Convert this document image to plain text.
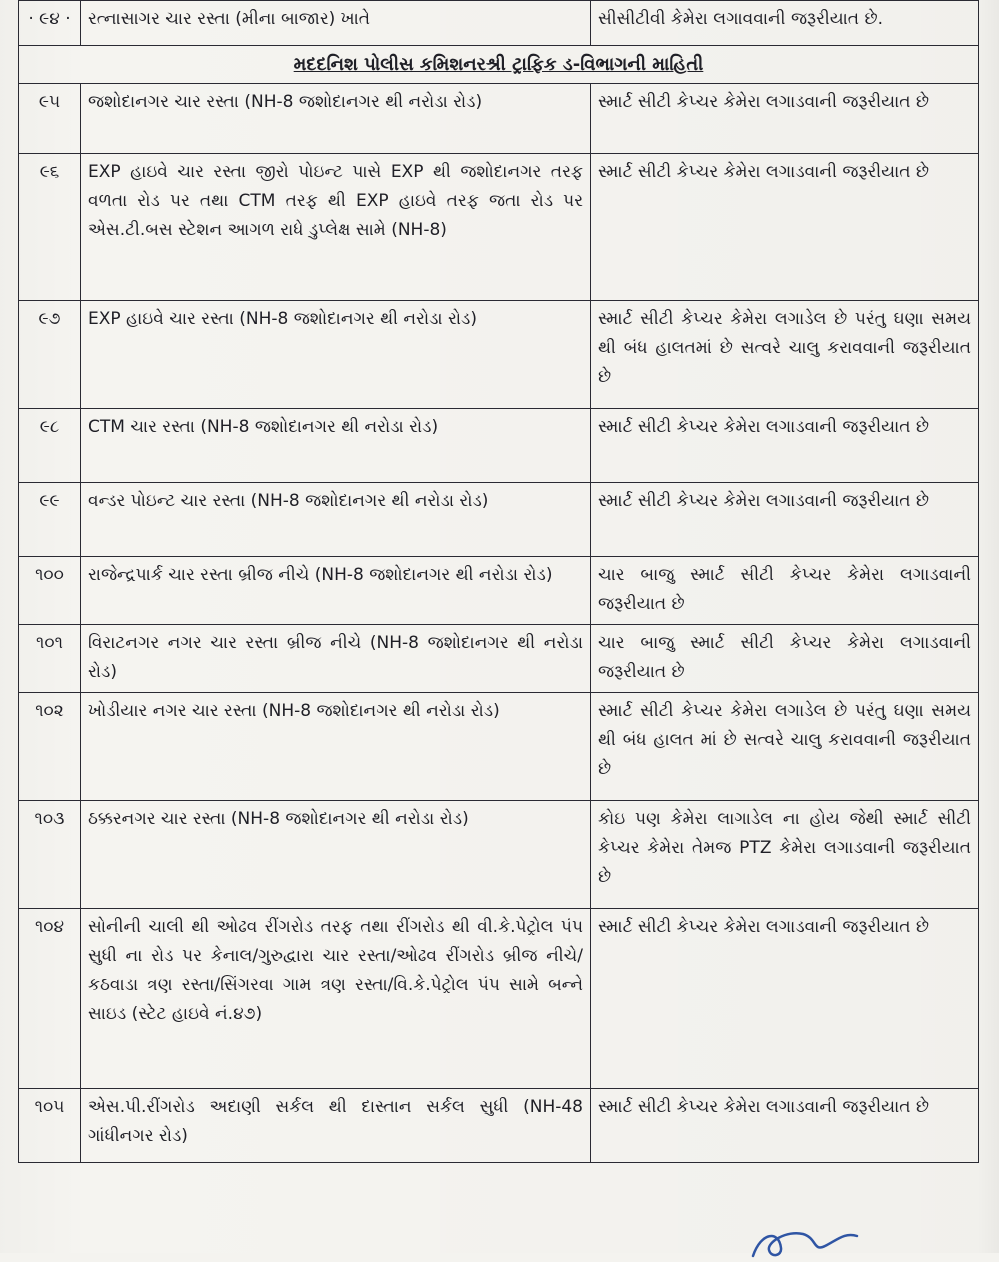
· ૯૪ ·	રત્નાસાગર ચાર રસ્તા (મીના બાજાર) ખાતે	સીસીટીવી કેમેરા લગાવવાની જરૂરીયાત છે.
મદદનિશ પોલીસ કમિશનરશ્રી ટ્રાફિક ડ-વિભાગની માહિતી		
૯૫	જશોદાનગર ચાર રસ્તા (NH-8 જશોદાનગર થી નરોડા રોડ)	સ્માર્ટ સીટી કેપ્ચર કેમેરા લગાડવાની જરૂરીયાત છે
૯૬	EXP હાઇવે ચાર રસ્તા જીરો પોઇન્ટ પાસે EXP થી જશોદાનગર તરફ વળતા રોડ પર તથા CTM તરફ થી EXP હાઇવે તરફ જતા રોડ પર એસ.ટી.બસ સ્ટેશન આગળ રાધે ડુપ્લેક્ષ સામે (NH-8)	સ્માર્ટ સીટી કેપ્ચર કેમેરા લગાડવાની જરૂરીયાત છે
૯૭	EXP હાઇવે ચાર રસ્તા (NH-8 જશોદાનગર થી નરોડા રોડ)	સ્માર્ટ સીટી કેપ્ચર કેમેરા લગાડેલ છે પરંતુ ઘણા સમય થી બંધ હાલતમાં છે સત્વરે ચાલુ કરાવવાની જરૂરીયાત છે
૯૮	CTM ચાર રસ્તા (NH-8 જશોદાનગર થી નરોડા રોડ)	સ્માર્ટ સીટી કેપ્ચર કેમેરા લગાડવાની જરૂરીયાત છે
૯૯	વન્ડર પોઇન્ટ ચાર રસ્તા (NH-8 જશોદાનગર થી નરોડા રોડ)	સ્માર્ટ સીટી કેપ્ચર કેમેરા લગાડવાની જરૂરીયાત છે
૧૦૦	રાજેન્દ્રપાર્ક ચાર રસ્તા બ્રીજ નીચે (NH-8 જશોદાનગર થી નરોડા રોડ)	ચાર બાજુ સ્માર્ટ સીટી કેપ્ચર કેમેરા લગાડવાની જરૂરીયાત છે
૧૦૧	વિરાટનગર નગર ચાર રસ્તા બ્રીજ નીચે (NH-8 જશોદાનગર થી નરોડા રોડ)	ચાર બાજુ સ્માર્ટ સીટી કેપ્ચર કેમેરા લગાડવાની જરૂરીયાત છે
૧૦૨	ખોડીયાર નગર ચાર રસ્તા (NH-8 જશોદાનગર થી નરોડા રોડ)	સ્માર્ટ સીટી કેપ્ચર કેમેરા લગાડેલ છે પરંતુ ઘણા સમય થી બંધ હાલત માં છે સત્વરે ચાલુ કરાવવાની જરૂરીયાત છે
૧૦૩	ઠક્કરનગર ચાર રસ્તા (NH-8 જશોદાનગર થી નરોડા રોડ)	કોઇ પણ કેમેરા લાગાડેલ ના હોય જેથી સ્માર્ટ સીટી કેપ્ચર કેમેરા તેમજ PTZ કેમેરા લગાડવાની જરૂરીયાત છે
૧૦૪	સોનીની ચાલી થી ઓઢવ રીંગરોડ તરફ તથા રીંગરોડ થી વી.કે.પેટ્રોલ પંપ સુધી ના રોડ પર કેનાલ/ગુરુદ્વારા ચાર રસ્તા/ઓઢવ રીંગરોડ બ્રીજ નીચે/કઠવાડા ત્રણ રસ્તા/સિંગરવા ગામ ત્રણ રસ્તા/વિ.કે.પેટ્રોલ પંપ સામે બન્ને સાઇડ (સ્ટેટ હાઇવે નં.૪૭)	સ્માર્ટ સીટી કેપ્ચર કેમેરા લગાડવાની જરૂરીયાત છે
૧૦૫	એસ.પી.રીંગરોડ અદાણી સર્કલ થી દાસ્તાન સર્કલ સુધી (NH-48 ગાંધીનગર રોડ)	સ્માર્ટ સીટી કેપ્ચર કેમેરા લગાડવાની જરૂરીયાત છે
